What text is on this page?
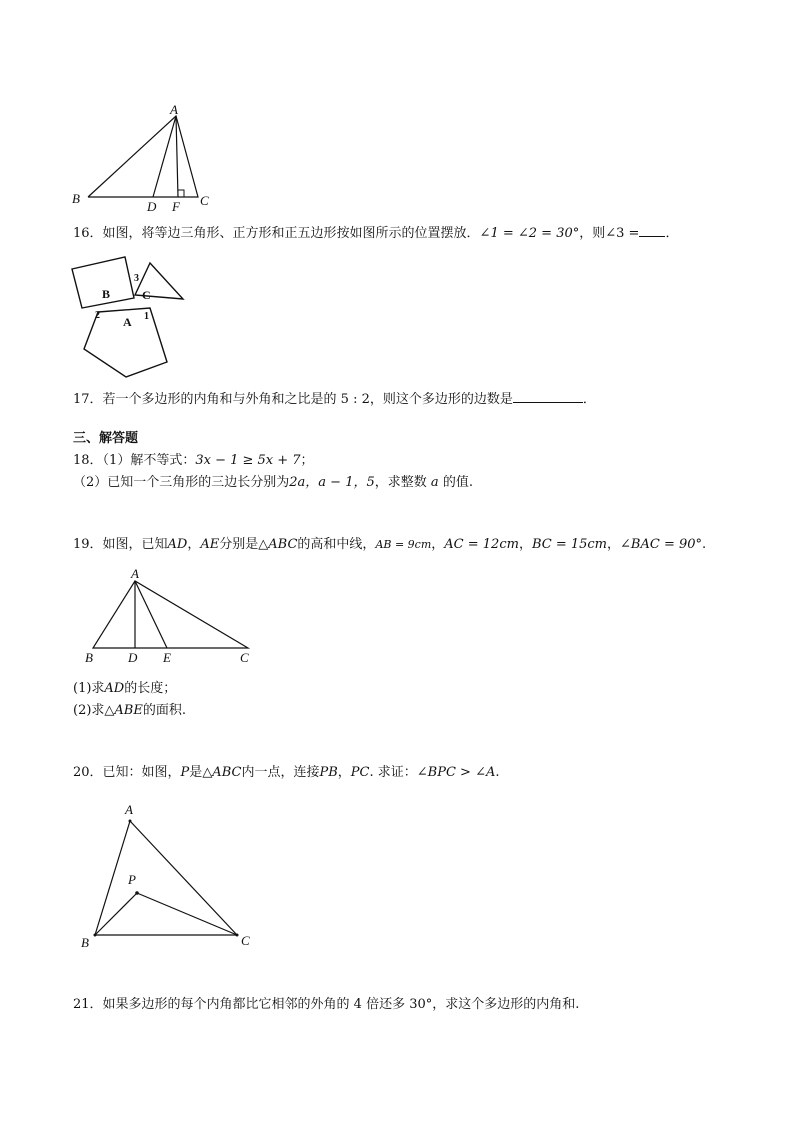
A
B
D F C
16．如图，将等边三角形、正方形和正五边形按如图所示的位置摆放．∠1 = ∠2 = 30°，则∠3 = ．
B	C
A 1
2
3
17．若一个多边形的内角和与外角和之比是的 5 : 2，则这个多边形的边数是	．
三、解答题
18．（1）解不等式：3x − 1 ≥ 5x + 7；
（2）已知一个三角形的三边长分别为2a，a − 1，5，求整数 a 的值.
19．如图，已知AD，AE分别是△ABC的高和中线，AB = 9cm，AC = 12cm，BC = 15cm，∠BAC = 90°.
A
B	D E	C
(1)求AD的长度；
(2)求△ABE的面积.
20．已知：如图，P是△ABC内一点，连接PB，PC. 求证：∠BPC > ∠A.
A
P
B	C
21．如果多边形的每个内角都比它相邻的外角的 4 倍还多 30°，求这个多边形的内角和.
